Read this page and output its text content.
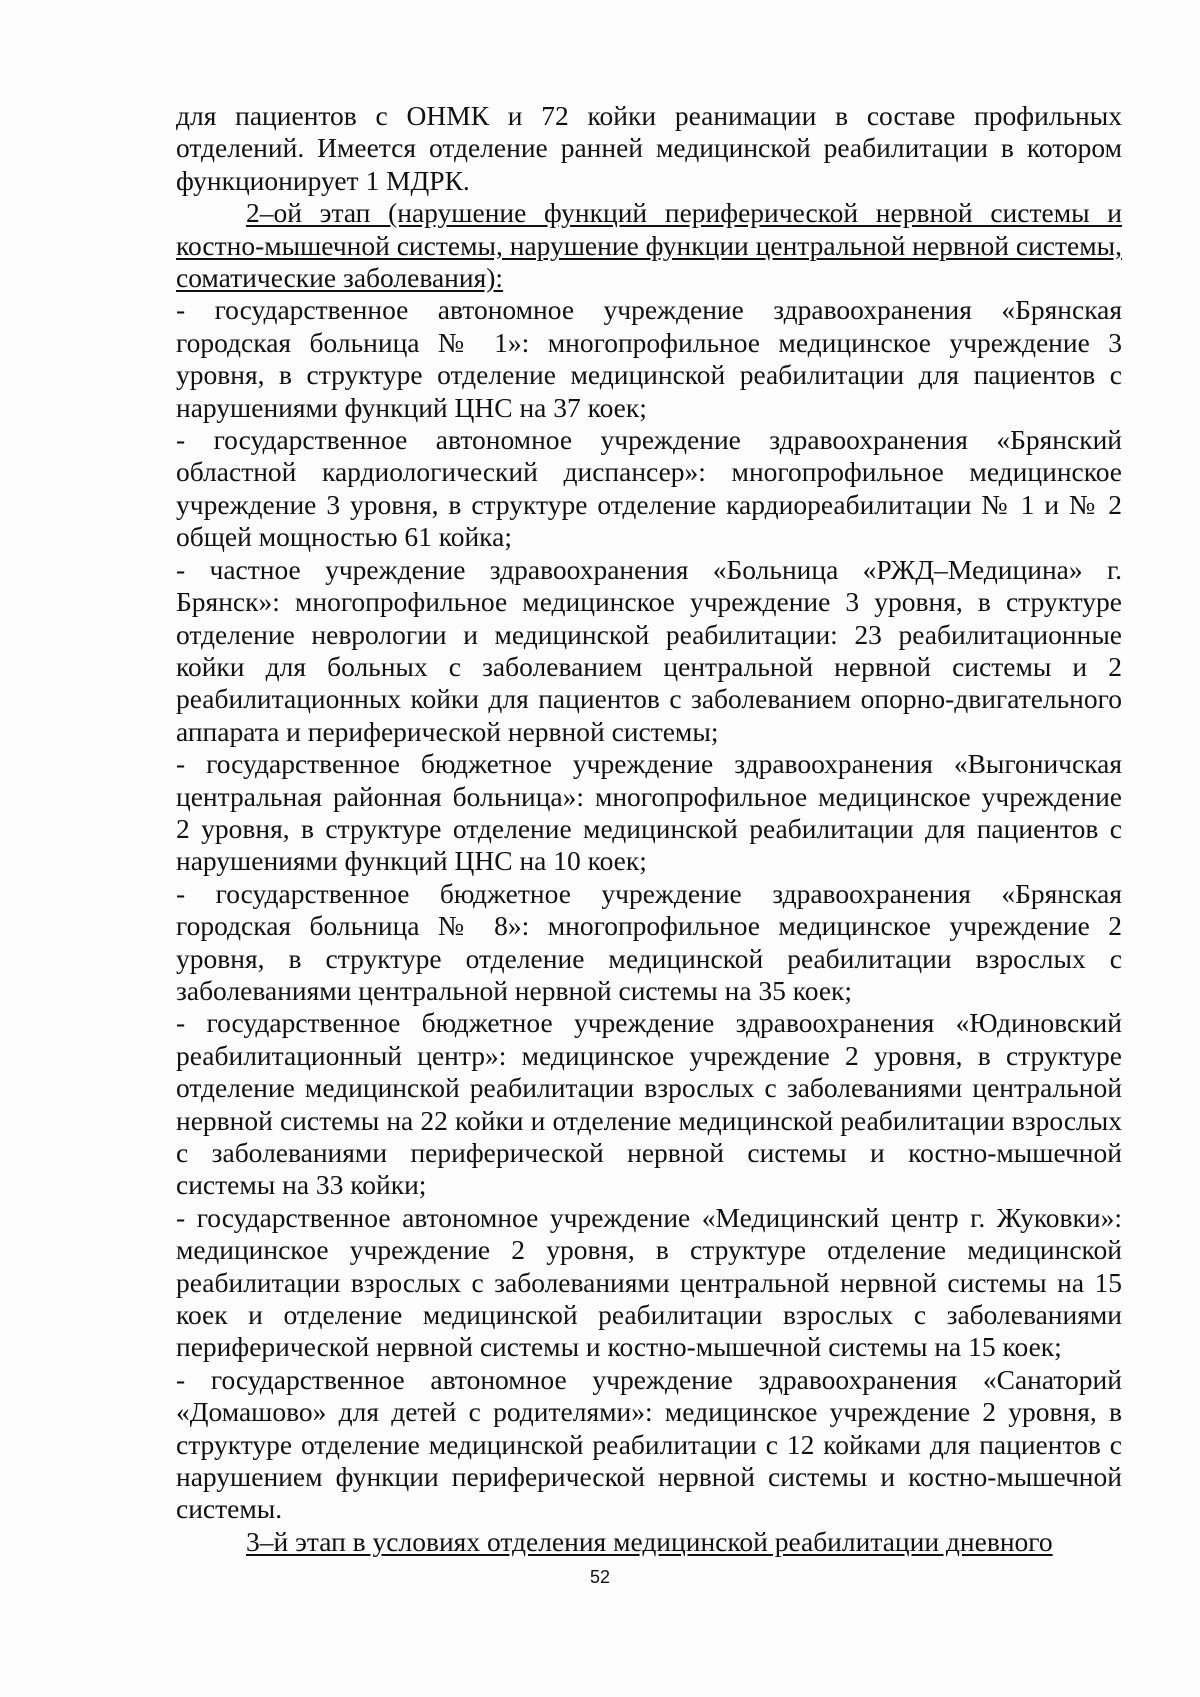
для пациентов с ОНМК и 72 койки реанимации в составе профильных отделений. Имеется отделение ранней медицинской реабилитации в котором функционирует 1 МДРК.

2–ой этап (нарушение функций периферической нервной системы и костно-мышечной системы, нарушение функции центральной нервной системы, соматические заболевания):

- государственное автономное учреждение здравоохранения «Брянская городская больница № 1»: многопрофильное медицинское учреждение 3 уровня, в структуре отделение медицинской реабилитации для пациентов с нарушениями функций ЦНС на 37 коек;

- государственное автономное учреждение здравоохранения «Брянский областной кардиологический диспансер»: многопрофильное медицинское учреждение 3 уровня, в структуре отделение кардиореабилитации № 1 и № 2 общей мощностью 61 койка;

- частное учреждение здравоохранения «Больница «РЖД–Медицина» г. Брянск»: многопрофильное медицинское учреждение 3 уровня, в структуре отделение неврологии и медицинской реабилитации: 23 реабилитационные койки для больных с заболеванием центральной нервной системы и 2 реабилитационных койки для пациентов с заболеванием опорно-двигательного аппарата и периферической нервной системы;

- государственное бюджетное учреждение здравоохранения «Выгоничская центральная районная больница»: многопрофильное медицинское учреждение 2 уровня, в структуре отделение медицинской реабилитации для пациентов с нарушениями функций ЦНС на 10 коек;

- государственное бюджетное учреждение здравоохранения «Брянская городская больница № 8»: многопрофильное медицинское учреждение 2 уровня, в структуре отделение медицинской реабилитации взрослых с заболеваниями центральной нервной системы на 35 коек;

- государственное бюджетное учреждение здравоохранения «Юдиновский реабилитационный центр»: медицинское учреждение 2 уровня, в структуре отделение медицинской реабилитации взрослых с заболеваниями центральной нервной системы на 22 койки и отделение медицинской реабилитации взрослых с заболеваниями периферической нервной системы и костно-мышечной системы на 33 койки;

- государственное автономное учреждение «Медицинский центр г. Жуковки»: медицинское учреждение 2 уровня, в структуре отделение медицинской реабилитации взрослых с заболеваниями центральной нервной системы на 15 коек и отделение медицинской реабилитации взрослых с заболеваниями периферической нервной системы и костно-мышечной системы на 15 коек;

- государственное автономное учреждение здравоохранения «Санаторий «Домашово» для детей с родителями»: медицинское учреждение 2 уровня, в структуре отделение медицинской реабилитации с 12 койками для пациентов с нарушением функции периферической нервной системы и костно-мышечной системы.

3–й этап в условиях отделения медицинской реабилитации дневного

52
